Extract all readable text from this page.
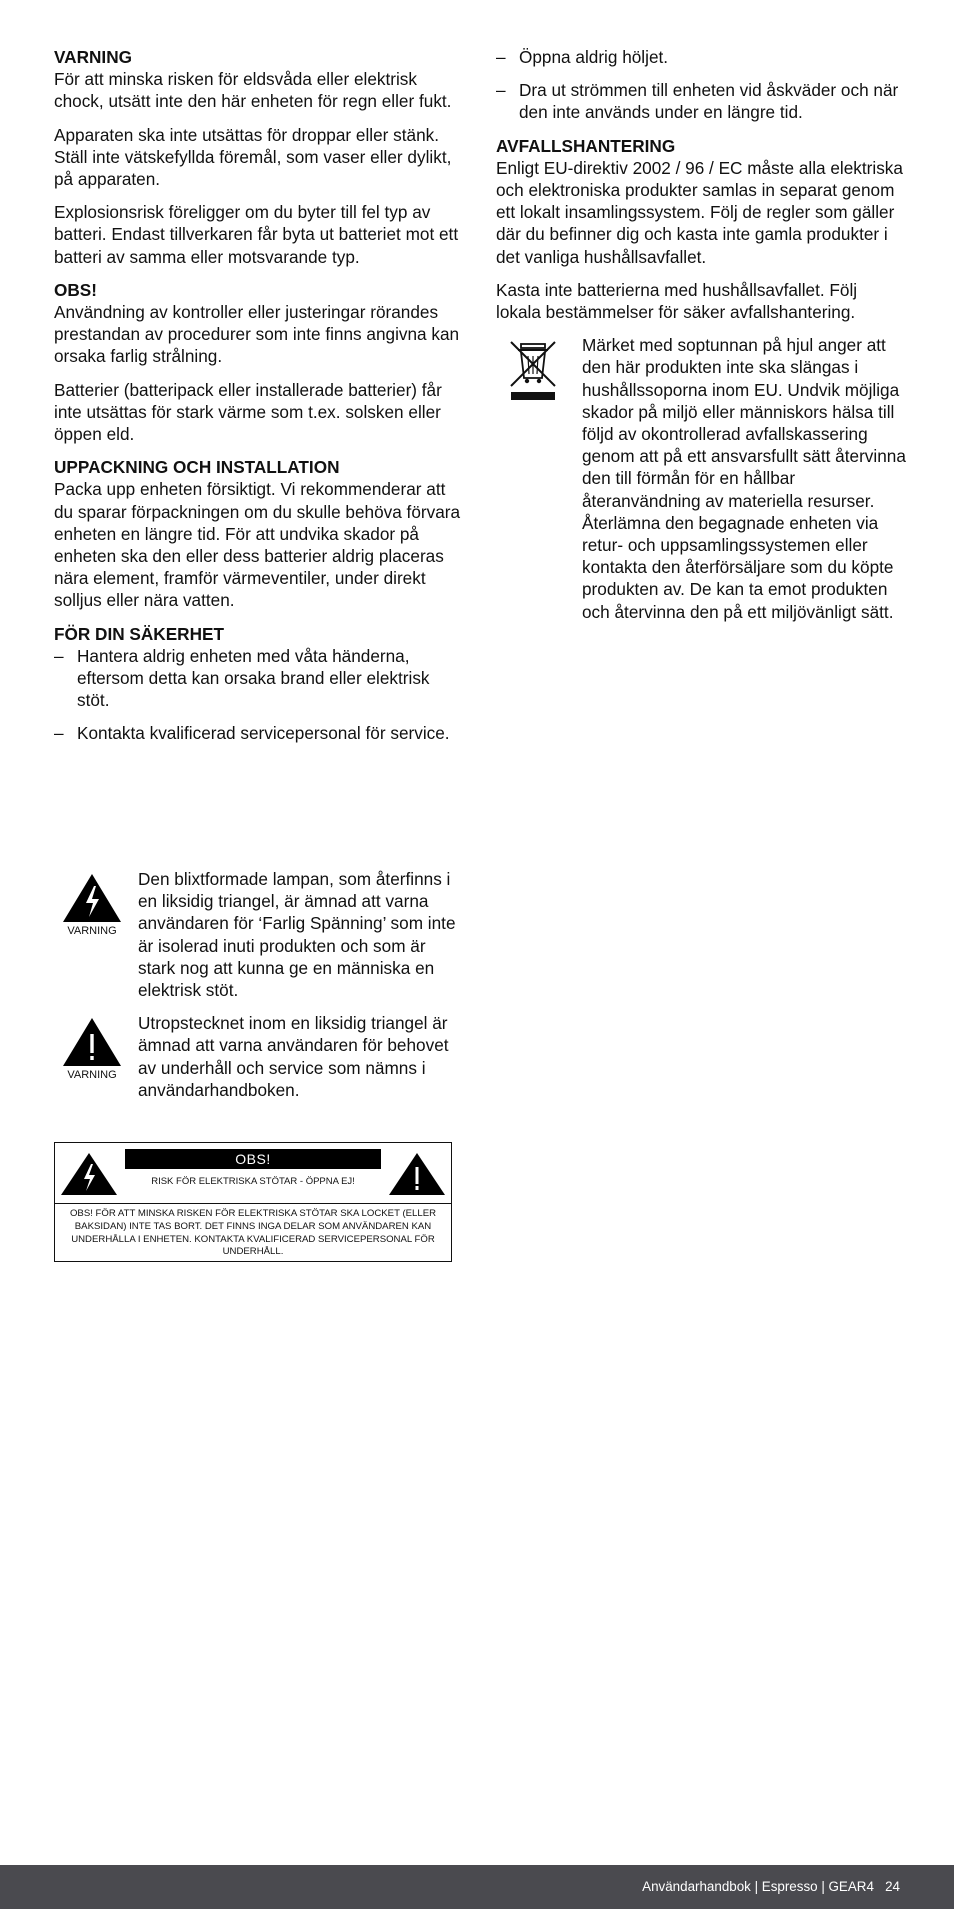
VARNING

För att minska risken för eldsvåda eller elektrisk chock, utsätt inte den här enheten för regn eller fukt.

Apparaten ska inte utsättas för droppar eller stänk. Ställ inte vätskefyllda föremål, som vaser eller dylikt, på apparaten.

Explosionsrisk föreligger om du byter till fel typ av batteri. Endast tillverkaren får byta ut batteriet mot ett batteri av samma eller motsvarande typ.

OBS!

Användning av kontroller eller justeringar rörandes prestandan av procedurer som inte finns angivna kan orsaka farlig strålning.

Batterier (batteripack eller installerade batterier) får inte utsättas för stark värme som t.ex. solsken eller öppen eld.

UPPACKNING OCH INSTALLATION

Packa upp enheten försiktigt. Vi rekommenderar att du sparar förpackningen om du skulle behöva förvara enheten en längre tid. För att undvika skador på enheten ska den eller dess batterier aldrig placeras nära element, framför värmeventiler, under direkt solljus eller nära vatten.

FÖR DIN SÄKERHET
– Hantera aldrig enheten med våta händerna, eftersom detta kan orsaka brand eller elektrisk stöt.
– Kontakta kvalificerad servicepersonal för service.
– Öppna aldrig höljet.
– Dra ut strömmen till enheten vid åskväder och när den inte används under en längre tid.
AVFALLSHANTERING

Enligt EU-direktiv 2002 / 96 / EC måste alla elektriska och elektroniska produkter samlas in separat genom ett lokalt insamlingssystem. Följ de regler som gäller där du befinner dig och kasta inte gamla produkter i det vanliga hushållsavfallet.

Kasta inte batterierna med hushållsavfallet. Följ lokala bestämmelser för säker avfallshantering.

Märket med soptunnan på hjul anger att den här produkten inte ska slängas i hushållssoporna inom EU. Undvik möjliga skador på miljö eller människors hälsa till följd av okontrollerad avfallskassering genom att på ett ansvarsfullt sätt återvinna den till förmån för en hållbar återanvändning av materiella resurser. Återlämna den begagnade enheten via retur- och uppsamlingssystemen eller kontakta den återförsäljare som du köpte produkten av. De kan ta emot produkten och återvinna den på ett miljövänligt sätt.

VARNING

Den blixtformade lampan, som återfinns i en liksidig triangel, är ämnad att varna användaren för ‘Farlig Spänning’ som inte är isolerad inuti produkten och som är stark nog att kunna ge en människa en elektrisk stöt.

VARNING

Utropstecknet inom en liksidig triangel är ämnad att varna användaren för behovet av underhåll och service som nämns i användarhandboken.

OBS!
RISK FÖR ELEKTRISKA STÖTAR - ÖPPNA EJ!
OBS! FÖR ATT MINSKA RISKEN FÖR ELEKTRISKA STÖTAR SKA LOCKET (ELLER BAKSIDAN) INTE TAS BORT. DET FINNS INGA DELAR SOM ANVÄNDAREN KAN UNDERHÅLLA I ENHETEN. KONTAKTA KVALIFICERAD SERVICEPERSONAL FÖR UNDERHÅLL.
Användarhandbok | Espresso | GEAR4 24
